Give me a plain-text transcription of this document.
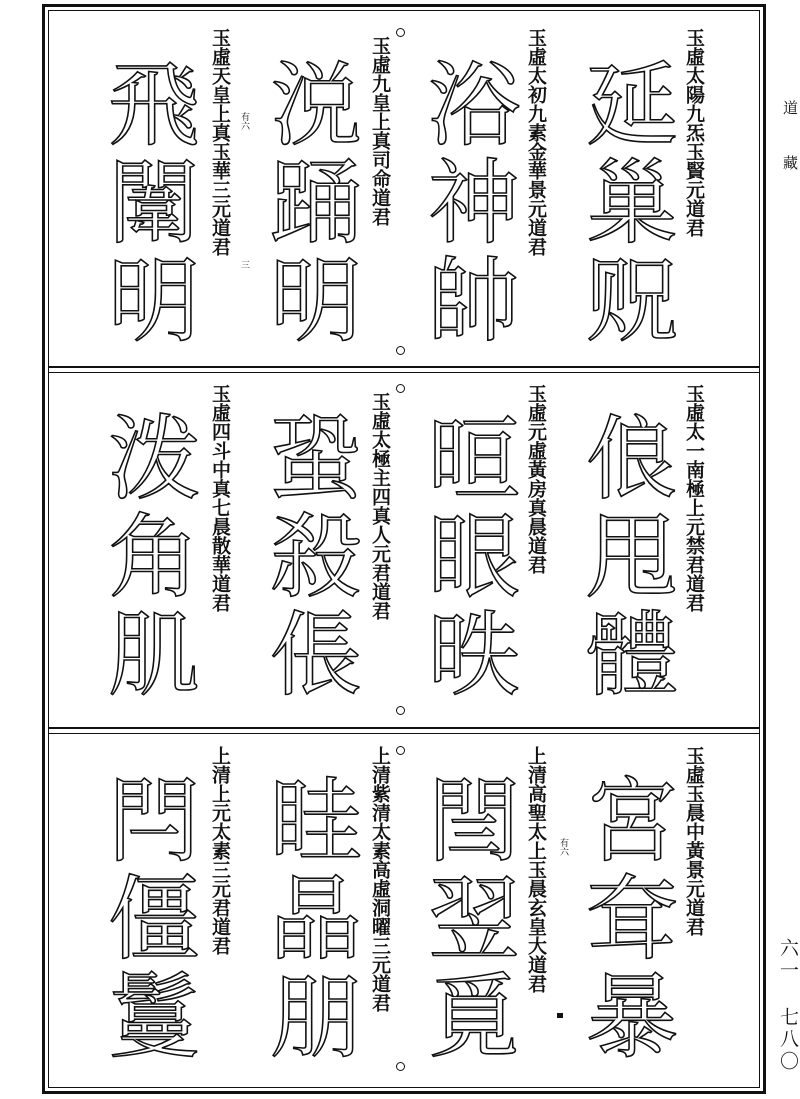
道藏
六一 七八〇
玉虛太陽九炁玉賢元道君
延巢贶
玉虛太初九素金華景元道君
浴神帥
玉虛九皇上真司命道君
涚踊明
玉虛天皇上真玉華三元道君
飛闈明	有六
三
玉虛太一南極上元禁君道君
俍甩體
玉虛元虛黃房真晨道君
晅眼昳
玉虛太極主四真人元君道君
蛩殺倀
玉虛四斗中真七晨散華道君
泼角肌
玉虛玉晨中黃景元道君
宮耷暴
上清高聖太上玉晨玄皇大道君
閆翌覓
上清紫清太素高虛洞曜三元道君
眭晶朋
上清上元太素三元君道君
閂僵鬘	有六
